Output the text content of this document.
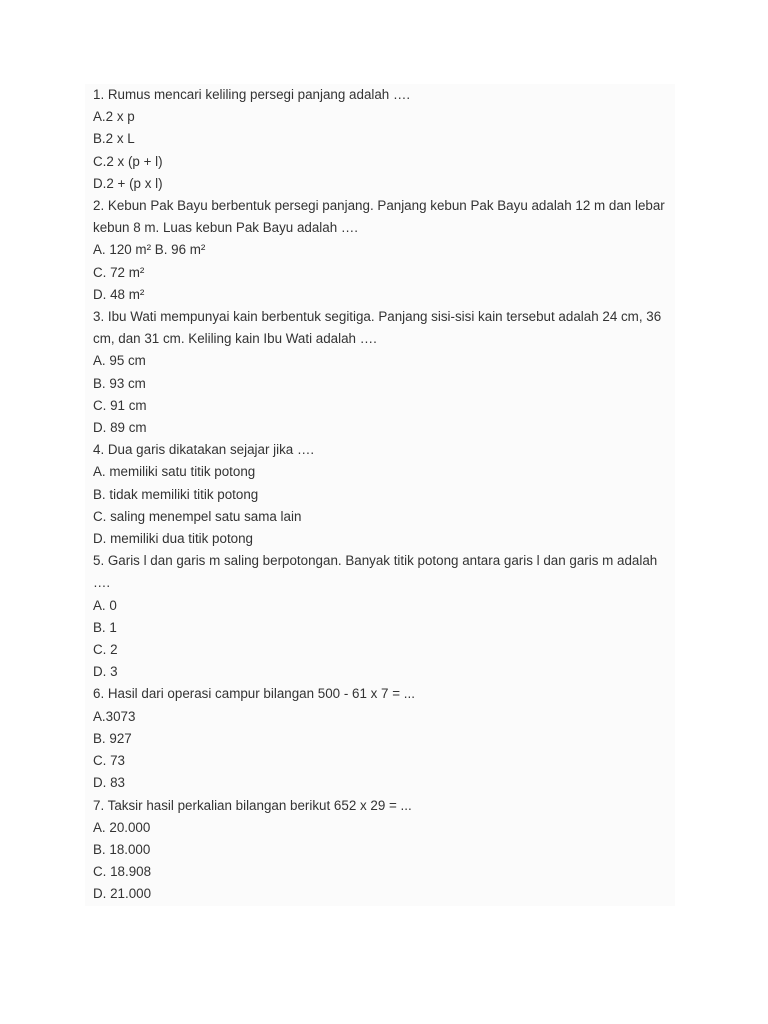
1. Rumus mencari keliling persegi panjang adalah ….
A.2 x p
B.2 x L
C.2 x (p + l)
D.2 + (p x l)
2. Kebun Pak Bayu berbentuk persegi panjang. Panjang kebun Pak Bayu adalah 12 m dan lebar
kebun 8 m. Luas kebun Pak Bayu adalah ….
A. 120 m² B. 96 m²
C. 72 m²
D. 48 m²
3. Ibu Wati mempunyai kain berbentuk segitiga. Panjang sisi-sisi kain tersebut adalah 24 cm, 36
cm, dan 31 cm. Keliling kain Ibu Wati adalah ….
A. 95 cm
B. 93 cm
C. 91 cm
D. 89 cm
4. Dua garis dikatakan sejajar jika ….
A. memiliki satu titik potong
B. tidak memiliki titik potong
C. saling menempel satu sama lain
D. memiliki dua titik potong
5. Garis l dan garis m saling berpotongan. Banyak titik potong antara garis l dan garis m adalah
….
A. 0
B. 1
C. 2
D. 3
6. Hasil dari operasi campur bilangan 500 - 61 x 7 = ...
A.3073
B. 927
C. 73
D. 83
7. Taksir hasil perkalian bilangan berikut 652 x 29 = ...
A. 20.000
B. 18.000
C. 18.908
D. 21.000
